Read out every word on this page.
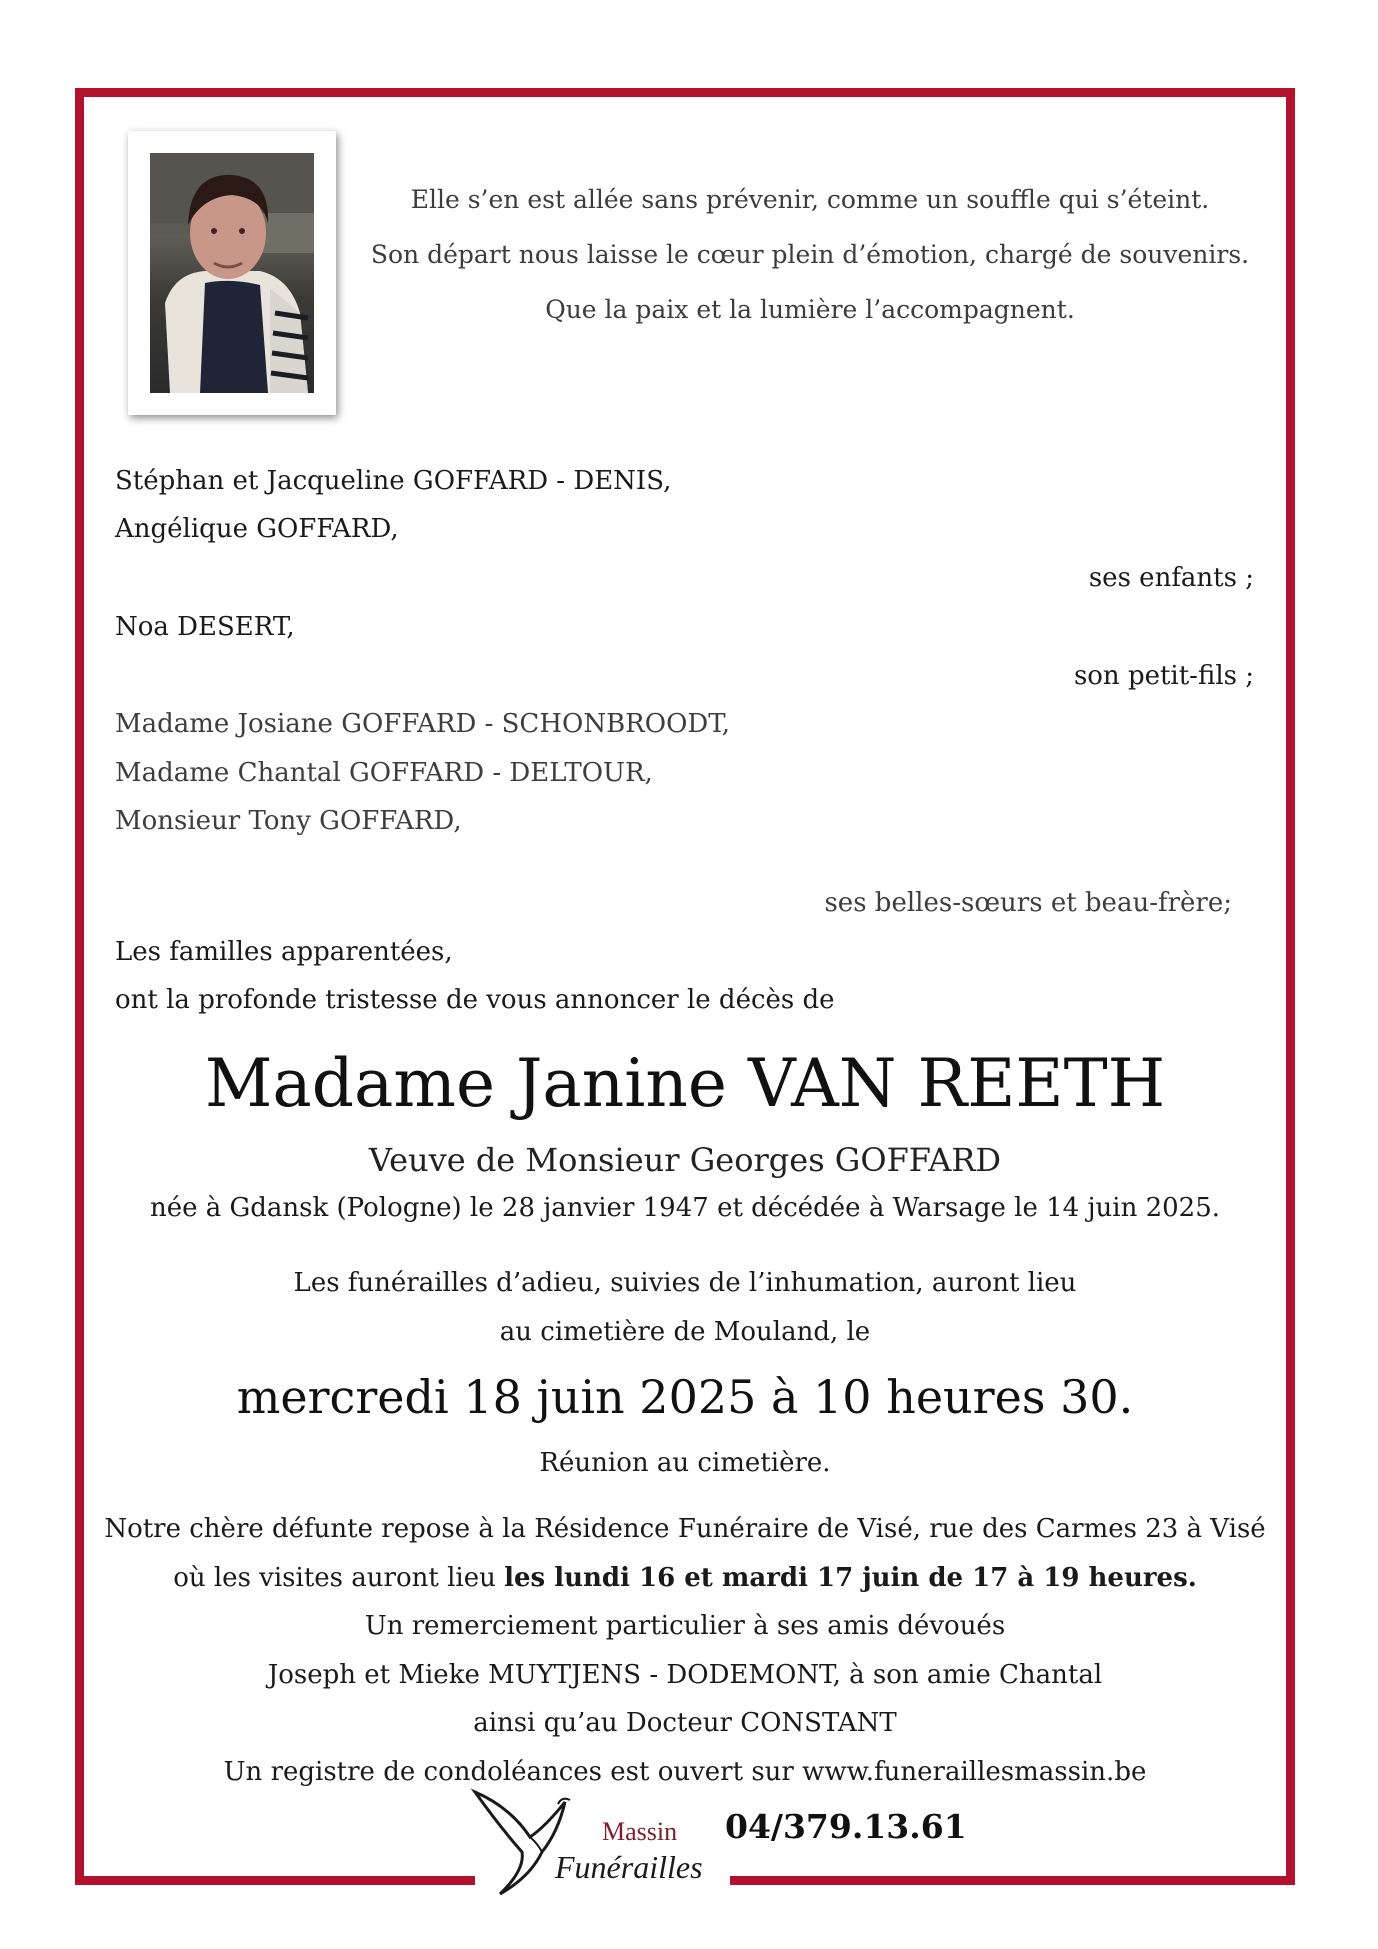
Elle s’en est allée sans prévenir, comme un souffle qui s’éteint.
Son départ nous laisse le cœur plein d’émotion, chargé de souvenirs.
Que la paix et la lumière l’accompagnent.
Stéphan et Jacqueline GOFFARD - DENIS,
Angélique GOFFARD,
ses enfants ;
Noa DESERT,
son petit-fils ;
Madame Josiane GOFFARD - SCHONBROODT,
Madame Chantal GOFFARD - DELTOUR,
Monsieur Tony GOFFARD,
ses belles-sœurs et beau-frère;
Les familles apparentées,
ont la profonde tristesse de vous annoncer le décès de
Madame Janine VAN REETH
Veuve de Monsieur Georges GOFFARD
née à Gdansk (Pologne) le 28 janvier 1947 et décédée à Warsage le 14 juin 2025.
Les funérailles d’adieu, suivies de l’inhumation, auront lieu
au cimetière de Mouland, le
mercredi 18 juin 2025 à 10 heures 30.
Réunion au cimetière.
Notre chère défunte repose à la Résidence Funéraire de Visé, rue des Carmes 23 à Visé
où les visites auront lieu les lundi 16 et mardi 17 juin de 17 à 19 heures.
Un remerciement particulier à ses amis dévoués
Joseph et Mieke MUYTJENS - DODEMONT, à son amie Chantal
ainsi qu’au Docteur CONSTANT
Un registre de condoléances est ouvert sur www.funeraillesmassin.be
Massin
Funérailles
04/379.13.61
